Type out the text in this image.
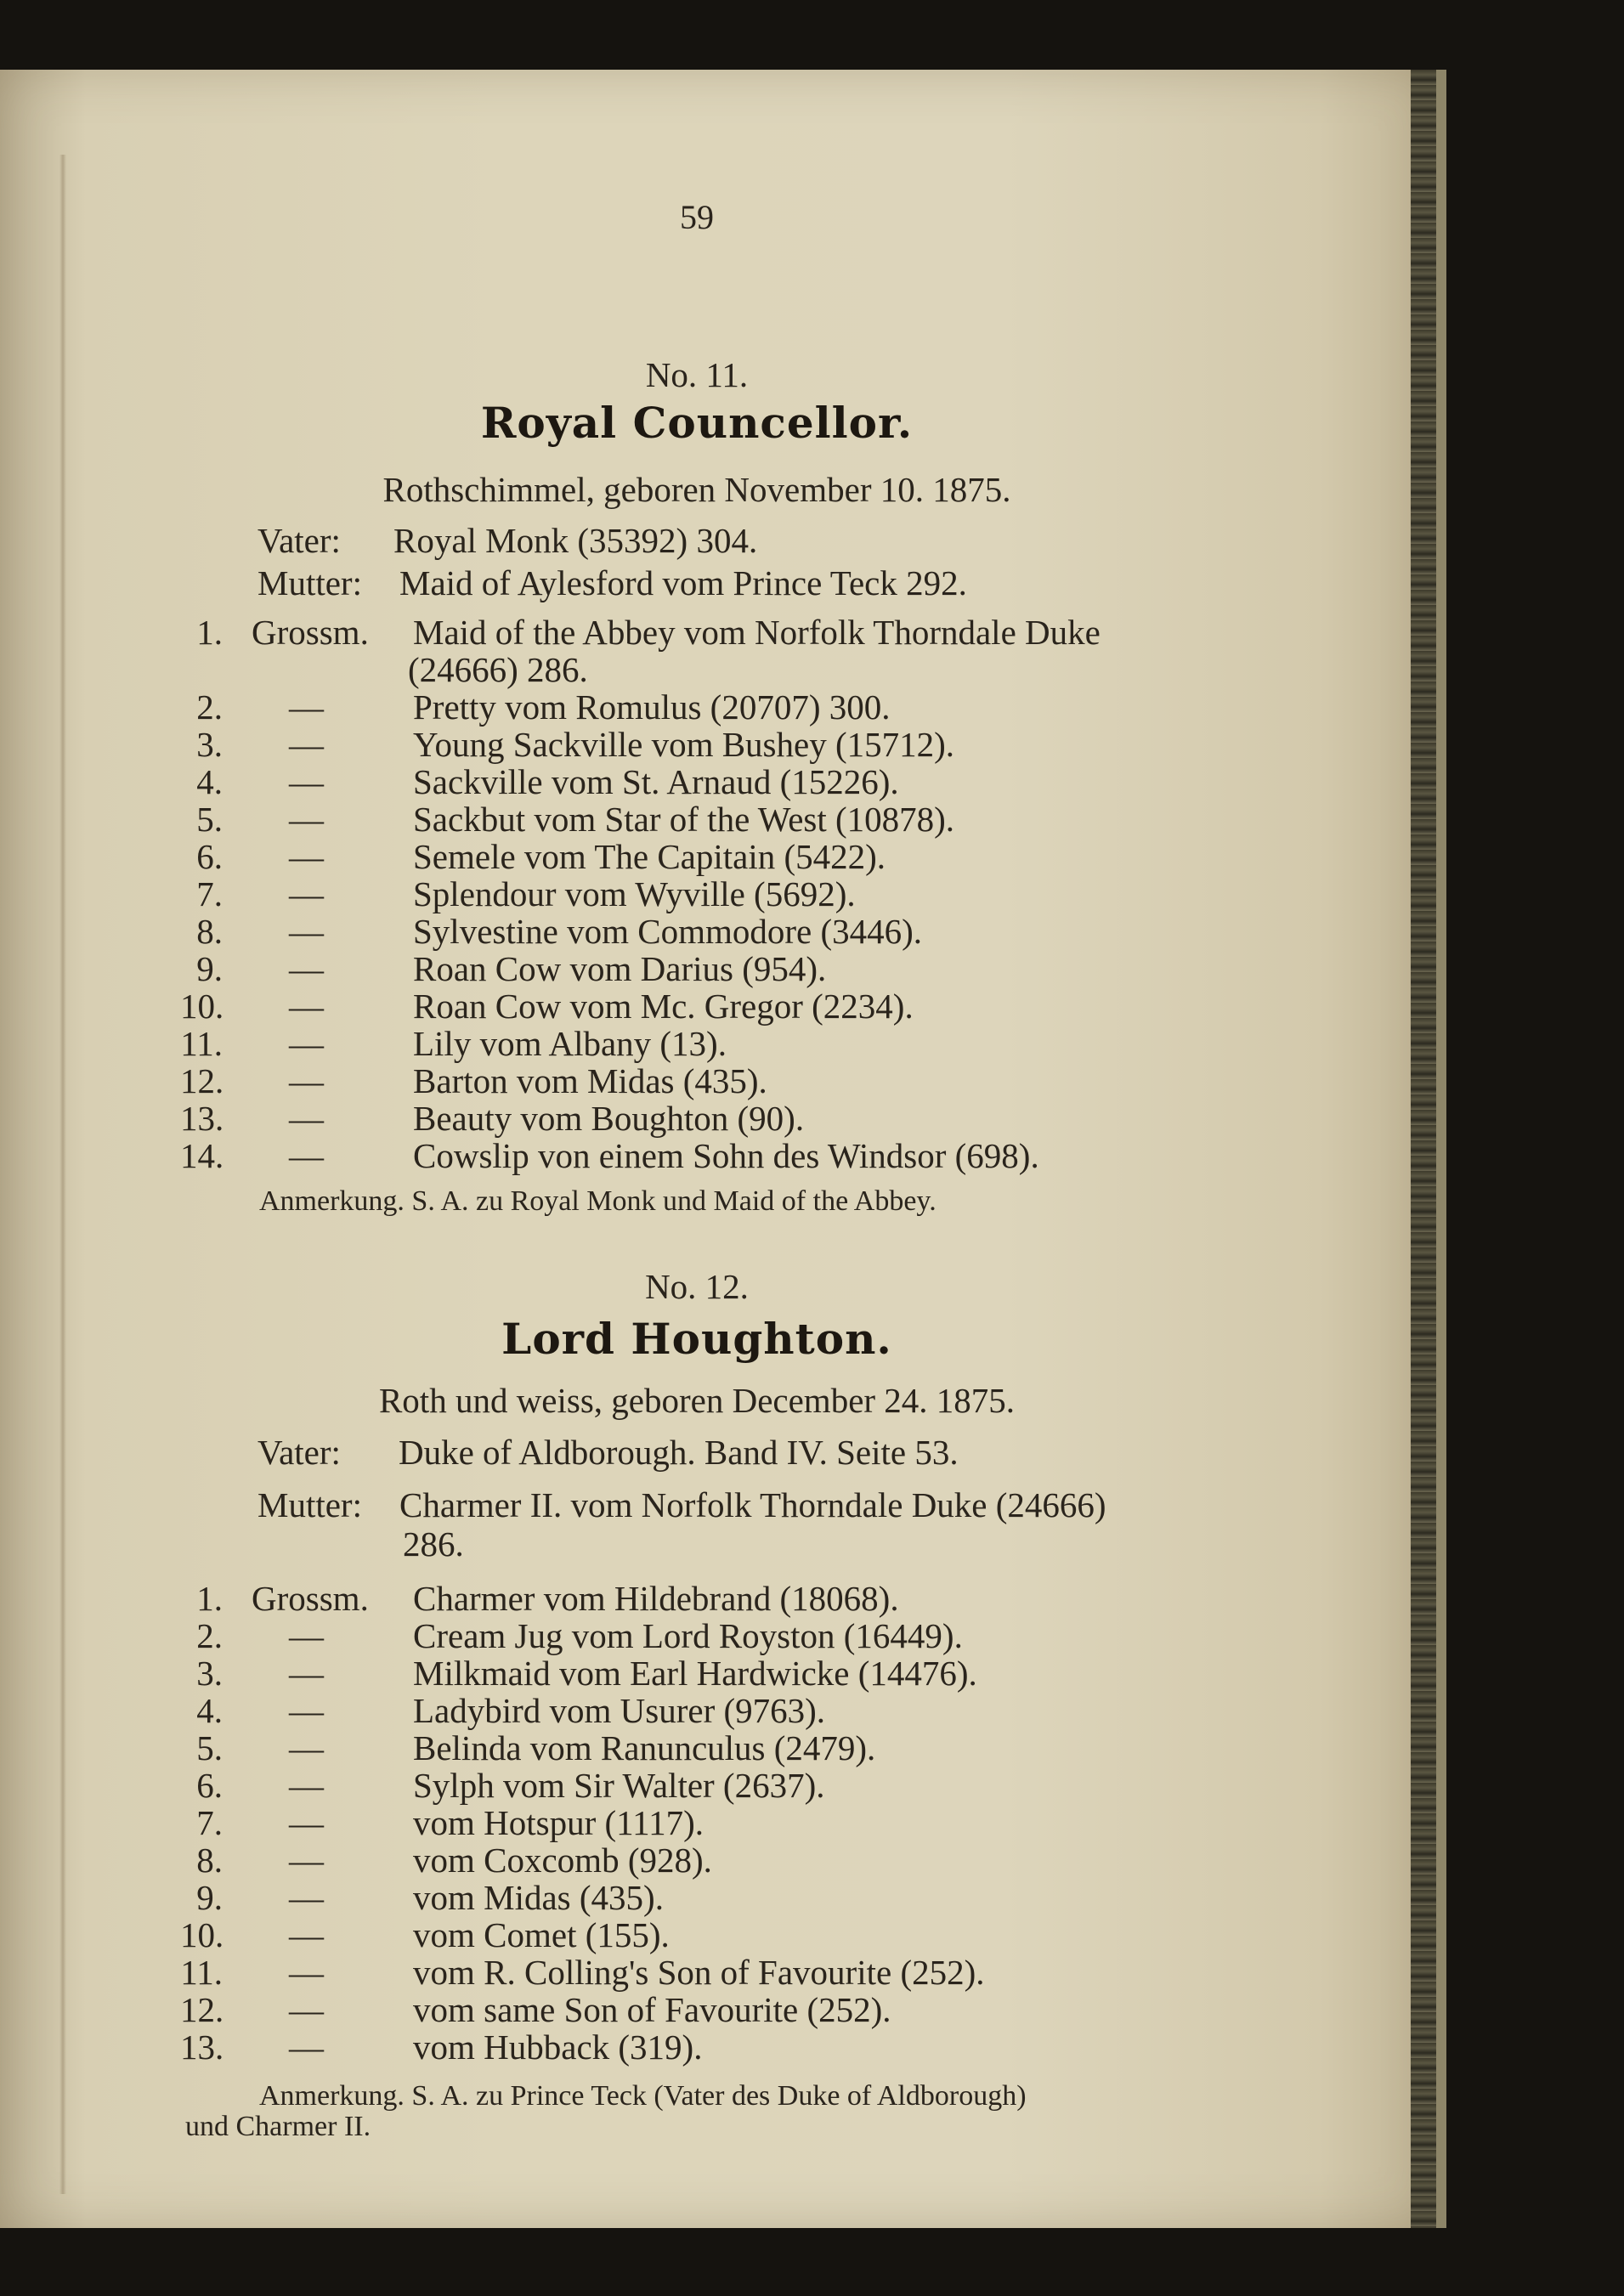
59
No. 11.
Royal Councellor.
Rothschimmel, geboren November 10. 1875.
Vater: Royal Monk (35392) 304.
Mutter: Maid of Aylesford vom Prince Teck 292.
1. Grossm. Maid of the Abbey vom Norfolk Thorndale Duke
(24666) 286.
2. —	Pretty vom Romulus (20707) 300.
3. —	Young Sackville vom Bushey (15712).
4. —	Sackville vom St. Arnaud (15226).
5. —	Sackbut vom Star of the West (10878).
6. —	Semele vom The Capitain (5422).
7. —	Splendour vom Wyville (5692).
8. —	Sylvestine vom Commodore (3446).
9. —	Roan Cow vom Darius (954).
10. —	Roan Cow vom Mc. Gregor (2234).
11. —	Lily vom Albany (13).
12. —	Barton vom Midas (435).
13. —	Beauty vom Boughton (90).
14. —	Cowslip von einem Sohn des Windsor (698).
Anmerkung. S. A. zu Royal Monk und Maid of the Abbey.
No. 12.
Lord Houghton.
Roth und weiss, geboren December 24. 1875.
Vater: Duke of Aldborough. Band IV. Seite 53.
Mutter: Charmer II. vom Norfolk Thorndale Duke (24666)
286.
1. Grossm. Charmer vom Hildebrand (18068).
2. —	Cream Jug vom Lord Royston (16449).
3. —	Milkmaid vom Earl Hardwicke (14476).
4. —	Ladybird vom Usurer (9763).
5. —	Belinda vom Ranunculus (2479).
6. —	Sylph vom Sir Walter (2637).
7. —	vom Hotspur (1117).
8. —	vom Coxcomb (928).
9. —	vom Midas (435).
10. —	vom Comet (155).
11. —	vom R. Colling's Son of Favourite (252).
12. —	vom same Son of Favourite (252).
13. —	vom Hubback (319).
Anmerkung. S. A. zu Prince Teck (Vater des Duke of Aldborough)
und Charmer II.
